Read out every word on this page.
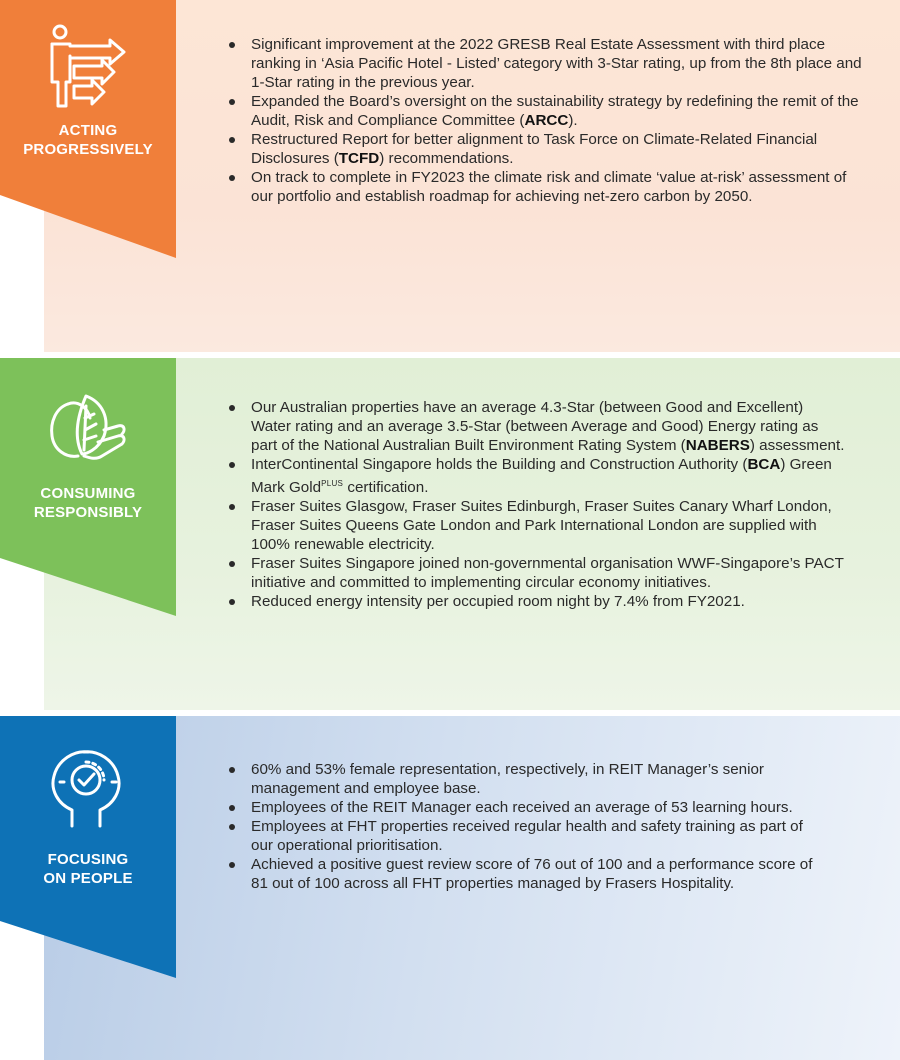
ACTING
PROGRESSIVELY
Significant improvement at the 2022 GRESB Real Estate Assessment with third place ranking in ‘Asia Pacific Hotel - Listed’ category with 3-Star rating, up from the 8th place and 1-Star rating in the previous year.
Expanded the Board’s oversight on the sustainability strategy by redefining the remit of the Audit, Risk and Compliance Committee (ARCC).
Restructured Report for better alignment to Task Force on Climate-Related Financial Disclosures (TCFD) recommendations.
On track to complete in FY2023 the climate risk and climate ‘value at-risk’ assessment of our portfolio and establish roadmap for achieving net-zero carbon by 2050.
CONSUMING
RESPONSIBLY
Our Australian properties have an average 4.3-Star (between Good and Excellent) Water rating and an average 3.5-Star (between Average and Good) Energy rating as part of the National Australian Built Environment Rating System (NABERS) assessment.
InterContinental Singapore holds the Building and Construction Authority (BCA) Green Mark Gold$^{PLUS}$ certification.
Fraser Suites Glasgow, Fraser Suites Edinburgh, Fraser Suites Canary Wharf London, Fraser Suites Queens Gate London and Park International London are supplied with 100% renewable electricity.
Fraser Suites Singapore joined non-governmental organisation WWF-Singapore’s PACT initiative and committed to implementing circular economy initiatives.
Reduced energy intensity per occupied room night by 7.4% from FY2021.
FOCUSING
ON PEOPLE
60% and 53% female representation, respectively, in REIT Manager’s senior management and employee base.
Employees of the REIT Manager each received an average of 53 learning hours.
Employees at FHT properties received regular health and safety training as part of our operational prioritisation.
Achieved a positive guest review score of 76 out of 100 and a performance score of 81 out of 100 across all FHT properties managed by Frasers Hospitality.
